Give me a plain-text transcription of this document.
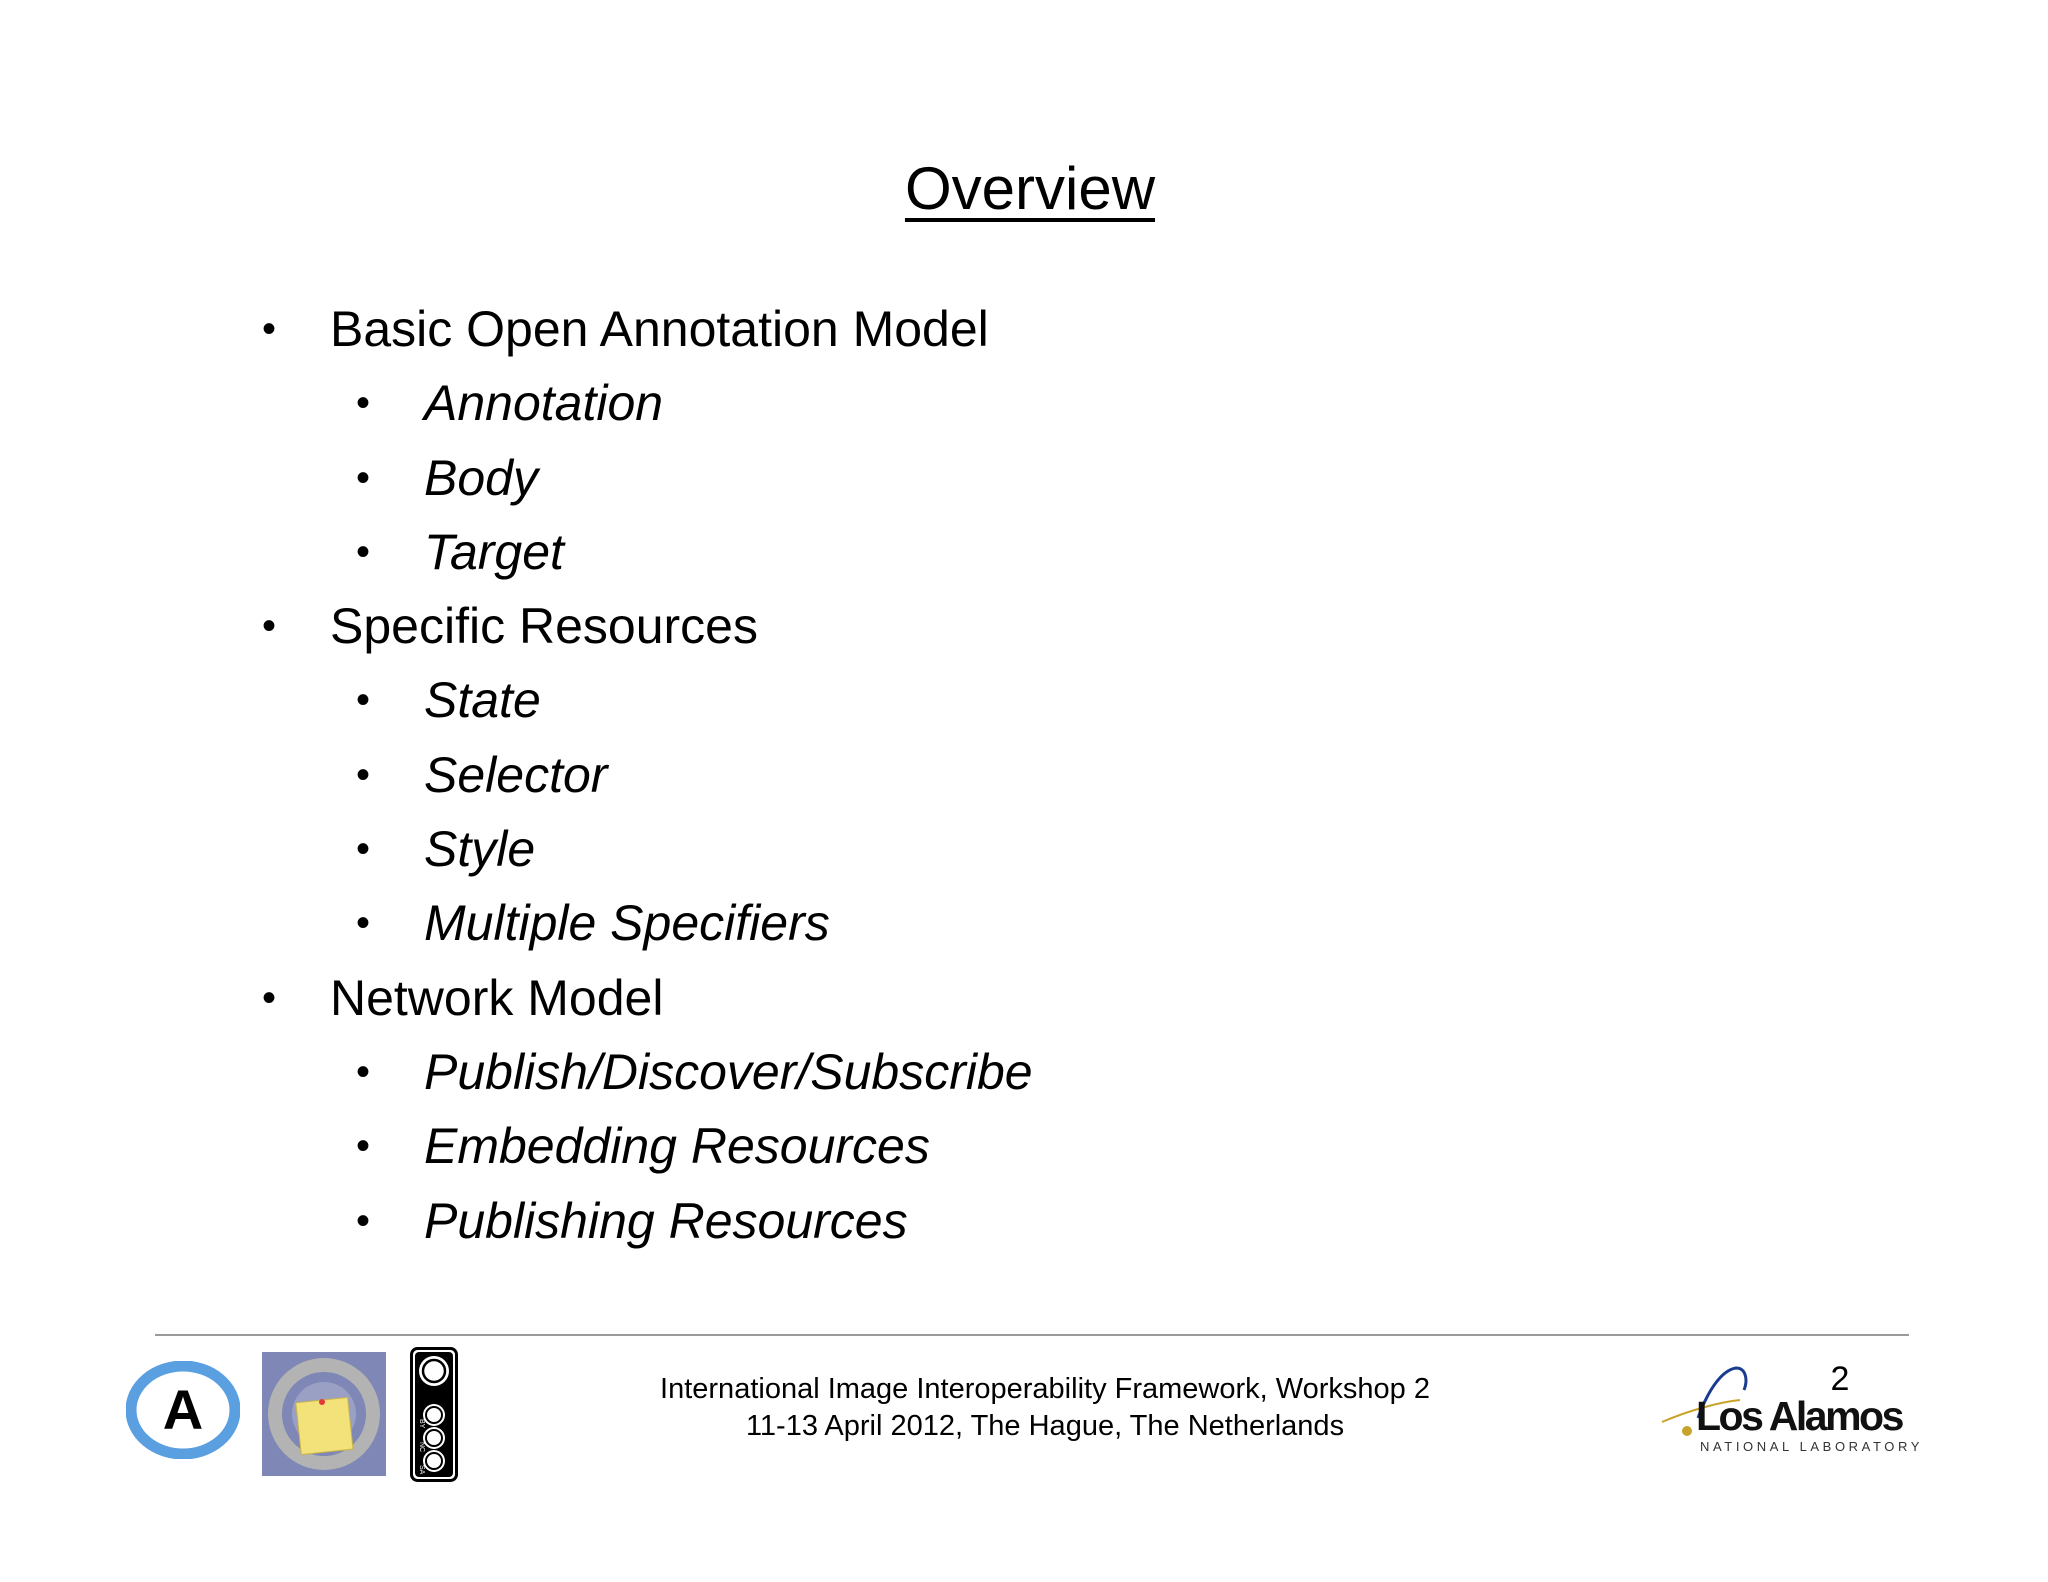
Overview
• Basic Open Annotation Model
• Annotation
• Body
• Target
• Specific Resources
• State
• Selector
• Style
• Multiple Specifiers
• Network Model
• Publish/Discover/Subscribe
• Embedding Resources
• Publishing Resources
A	BY
NC
SA
International Image Interoperability Framework, Workshop 2
11-13 April 2012, The Hague, The Netherlands
2
Los Alamos
NATIONAL LABORATORY
